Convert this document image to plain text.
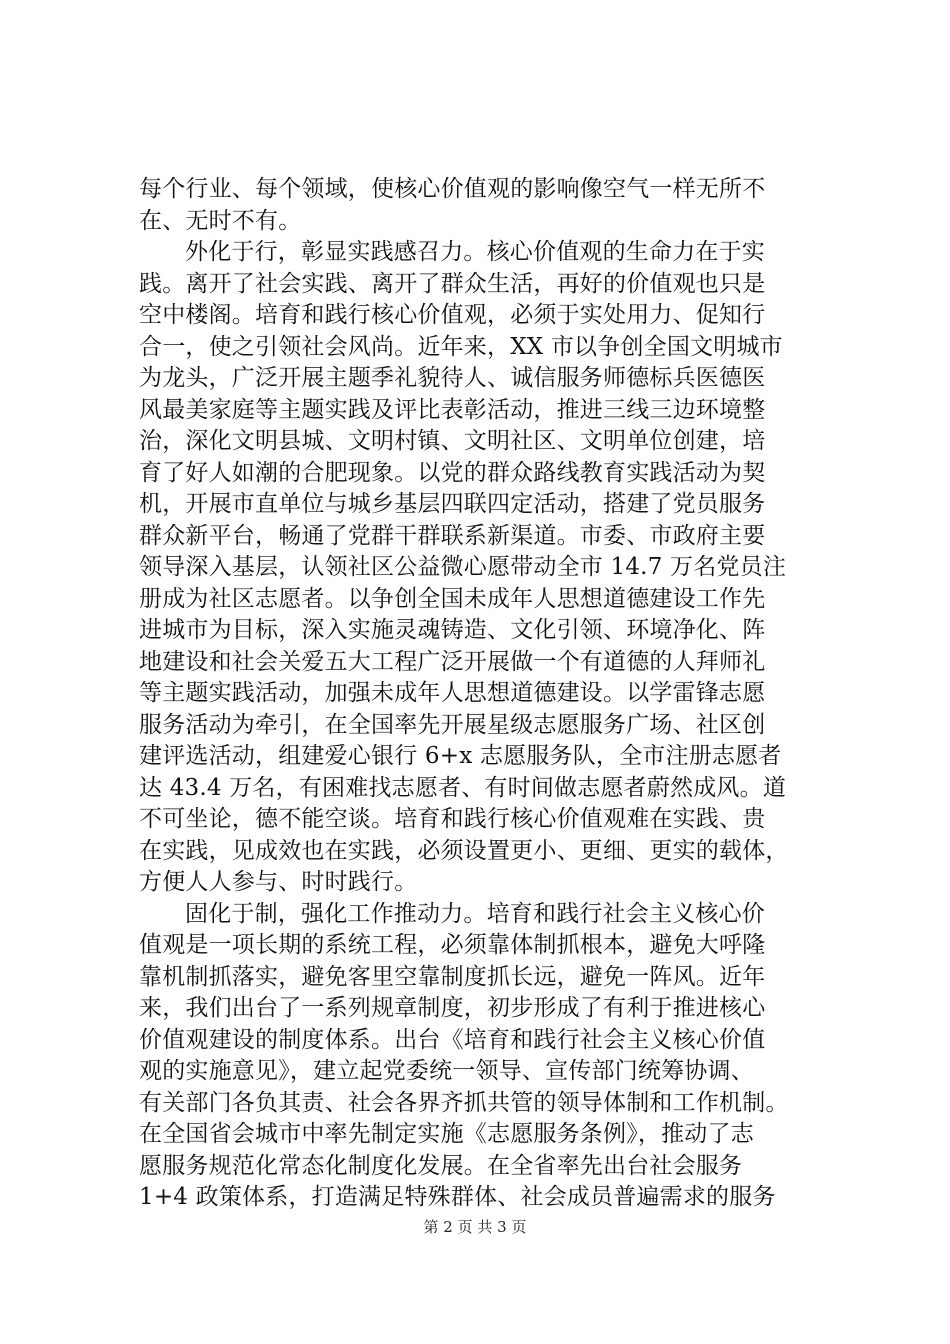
每个行业、每个领域，使核心价值观的影响像空气一样无所不
在、无时不有。
外化于行，彰显实践感召力。核心价值观的生命力在于实
践。离开了社会实践、离开了群众生活，再好的价值观也只是
空中楼阁。培育和践行核心价值观，必须于实处用力、促知行
合一，使之引领社会风尚。近年来，XX 市以争创全国文明城市
为龙头，广泛开展主题季礼貌待人、诚信服务师德标兵医德医
风最美家庭等主题实践及评比表彰活动，推进三线三边环境整
治，深化文明县城、文明村镇、文明社区、文明单位创建，培
育了好人如潮的合肥现象。以党的群众路线教育实践活动为契
机，开展市直单位与城乡基层四联四定活动，搭建了党员服务
群众新平台，畅通了党群干群联系新渠道。市委、市政府主要
领导深入基层，认领社区公益微心愿带动全市 14.7 万名党员注
册成为社区志愿者。以争创全国未成年人思想道德建设工作先
进城市为目标，深入实施灵魂铸造、文化引领、环境净化、阵
地建设和社会关爱五大工程广泛开展做一个有道德的人拜师礼
等主题实践活动，加强未成年人思想道德建设。以学雷锋志愿
服务活动为牵引，在全国率先开展星级志愿服务广场、社区创
建评选活动，组建爱心银行 6+x 志愿服务队，全市注册志愿者
达 43.4 万名，有困难找志愿者、有时间做志愿者蔚然成风。道
不可坐论，德不能空谈。培育和践行核心价值观难在实践、贵
在实践，见成效也在实践，必须设置更小、更细、更实的载体，
方便人人参与、时时践行。
固化于制，强化工作推动力。培育和践行社会主义核心价
值观是一项长期的系统工程，必须靠体制抓根本，避免大呼隆
靠机制抓落实，避免客里空靠制度抓长远，避免一阵风。近年
来，我们出台了一系列规章制度，初步形成了有利于推进核心
价值观建设的制度体系。出台《培育和践行社会主义核心价值
观的实施意见》，建立起党委统一领导、宣传部门统筹协调、
有关部门各负其责、社会各界齐抓共管的领导体制和工作机制。
在全国省会城市中率先制定实施《志愿服务条例》，推动了志
愿服务规范化常态化制度化发展。在全省率先出台社会服务
1+4 政策体系，打造满足特殊群体、社会成员普遍需求的服务
第 2 页 共 3 页
